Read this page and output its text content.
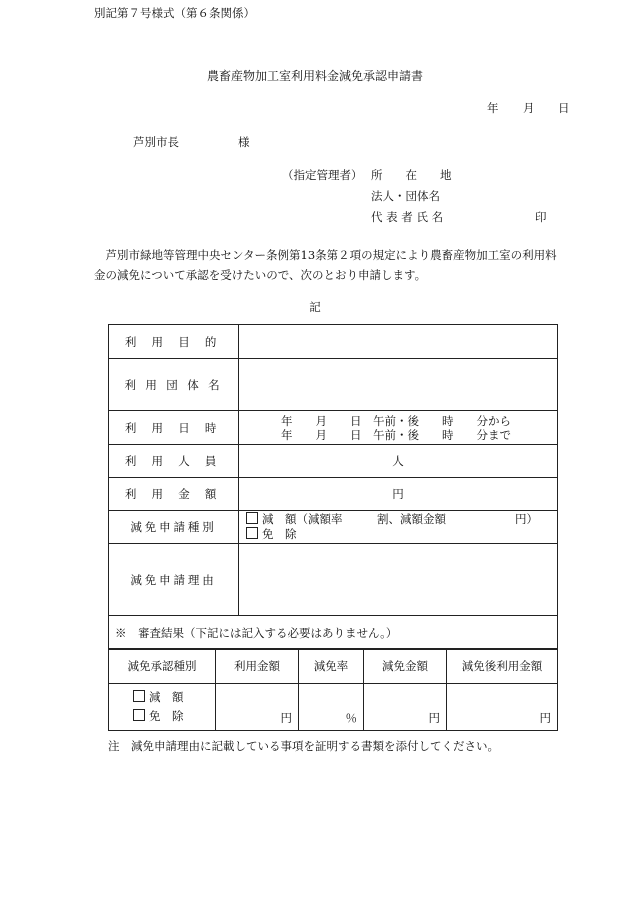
別記第７号様式（第６条関係）
農畜産物加工室利用料金減免承認申請書
年 月 日
芦別市長	様
（指定管理者） 所　　在　　地
法人・団体名
代 表 者 氏 名	印
芦別市緑地等管理中央センター条例第13条第２項の規定により農畜産物加工室の利用料金の減免について承認を受けたいので、次のとおり申請します。
記
利 用 目 的	
利 用 団 体 名	
利 用 日 時	年　　月　　日　午前・後　　時　　分から
年　　月　　日　午前・後　　時　　分まで

利 用 人 員	人
利 用 金 額	円
減免申請種別	減　額（減額率　　　割、減額金額　　　　　　円）
免　除

減免申請理由	
※　審査結果（下記には記入する必要はありません。）	
減免承認種別	利用金額	減免率	減免金額	減免後利用金額

減　額
免　除	円	％	円	円
注　減免申請理由に記載している事項を証明する書類を添付してください。
